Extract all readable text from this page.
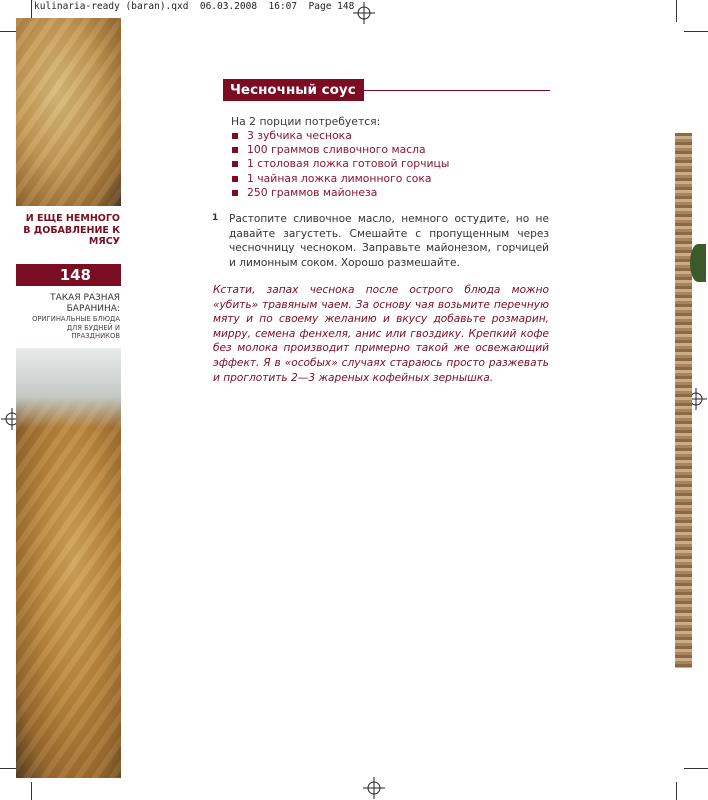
kulinaria-ready (baran).qxd  06.03.2008  16:07  Page 148
И ЕЩЕ НЕМНОГО В ДОБАВЛЕНИЕ К МЯСУ
148
ТАКАЯ РАЗНАЯ БАРАНИНА:
ОРИГИНАЛЬНЫЕ БЛЮДА ДЛЯ БУДНЕЙ И ПРАЗДНИКОВ
Чесночный соус
На 2 порции потребуется:
3 зубчика чеснока
100 граммов сливочного масла
1 столовая ложка готовой горчицы
1 чайная ложка лимонного сока
250 граммов майонеза
1 Растопите сливочное масло, немного остудите, но не давайте загустеть. Смешайте с пропущенным через чесночницу чесноком. Заправьте майонезом, горчицей и лимонным соком. Хорошо размешайте.
Кстати, запах чеснока после острого блюда можно «убить» травяным чаем. За основу чая возьмите перечную мяту и по своему желанию и вкусу добавьте розмарин, мирру, семена фенхеля, анис или гвоздику. Крепкий кофе без молока производит примерно такой же освежающий эффект. Я в «особых» случаях стараюсь просто разжевать и проглотить 2—3 жареных кофейных зернышка.
